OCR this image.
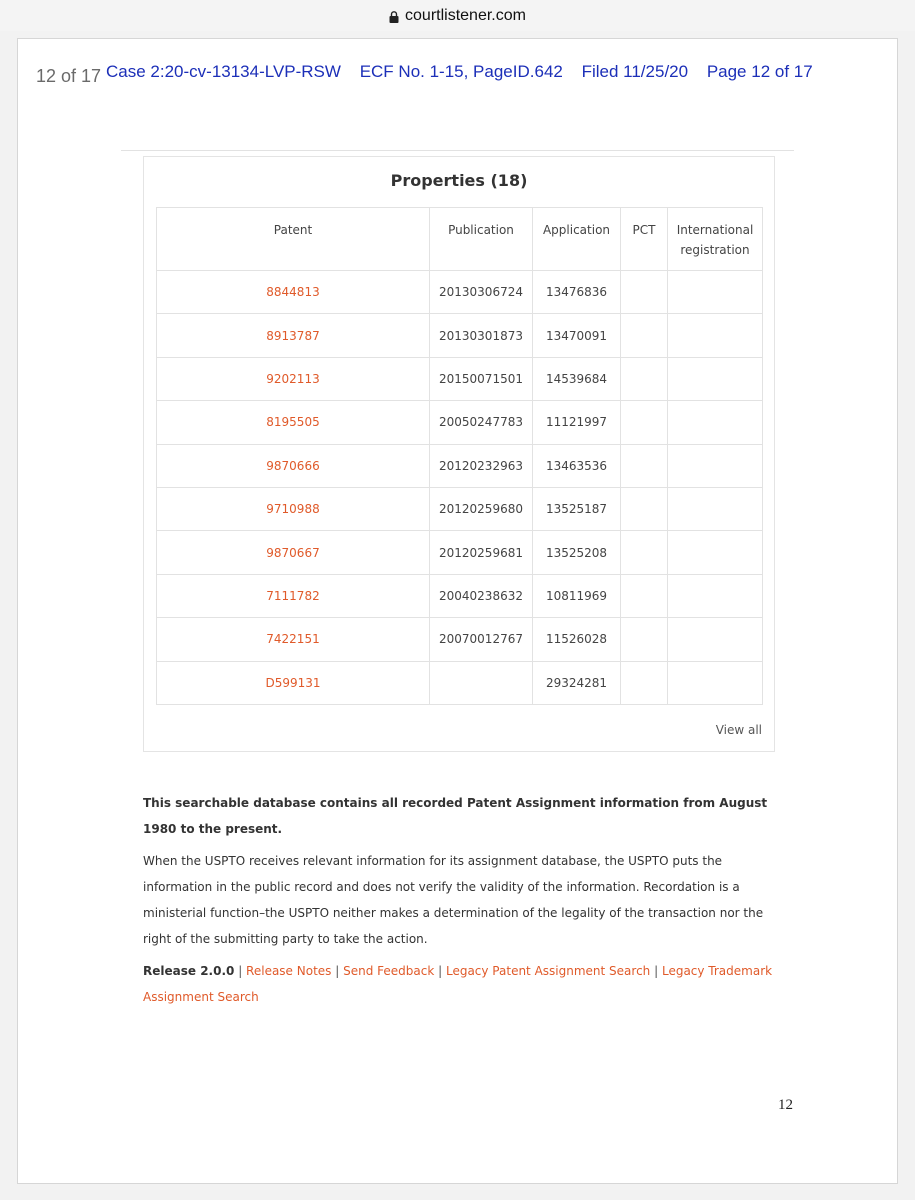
courtlistener.com
12 of 17 Case 2:20-cv-13134-LVP-RSW ECF No. 1-15, PageID.642 Filed 11/25/20 Page 12 of 17
Properties (18)
Patent	Publication	Application	PCT	International registration
8844813	20130306724	13476836		
8913787	20130301873	13470091		
9202113	20150071501	14539684		
8195505	20050247783	11121997		
9870666	20120232963	13463536		
9710988	20120259680	13525187		
9870667	20120259681	13525208		
7111782	20040238632	10811969		
7422151	20070012767	11526028		
D599131		29324281		
View all

This searchable database contains all recorded Patent Assignment information from August 1980 to the present.

When the USPTO receives relevant information for its assignment database, the USPTO puts the information in the public record and does not verify the validity of the information. Recordation is a ministerial function–the USPTO neither makes a determination of the legality of the transaction nor the right of the submitting party to take the action.

Release 2.0.0 | Release Notes | Send Feedback | Legacy Patent Assignment Search | Legacy Trademark Assignment Search

12
